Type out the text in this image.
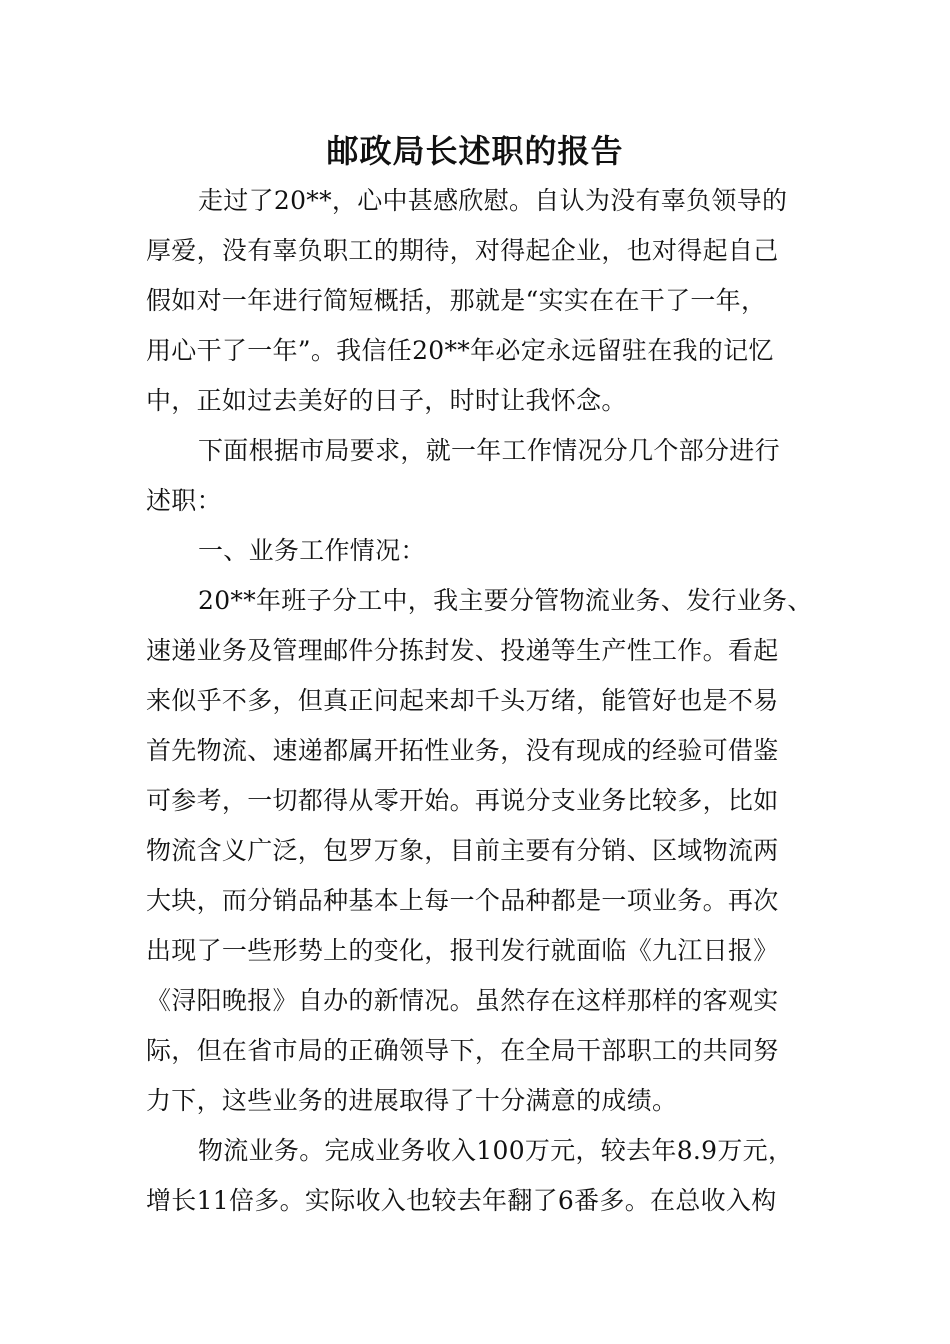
邮政局长述职的报告
走过了20**，心中甚感欣慰。自认为没有辜负领导的
厚爱，没有辜负职工的期待，对得起企业，也对得起自己
假如对一年进行简短概括，那就是“实实在在干了一年，
用心干了一年”。我信任20**年必定永远留驻在我的记忆
中，正如过去美好的日子，时时让我怀念。
下面根据市局要求，就一年工作情况分几个部分进行
述职：
一、业务工作情况：
20**年班子分工中，我主要分管物流业务、发行业务、
速递业务及管理邮件分拣封发、投递等生产性工作。看起
来似乎不多，但真正问起来却千头万绪，能管好也是不易
首先物流、速递都属开拓性业务，没有现成的经验可借鉴
可参考，一切都得从零开始。再说分支业务比较多，比如
物流含义广泛，包罗万象，目前主要有分销、区域物流两
大块，而分销品种基本上每一个品种都是一项业务。再次
出现了一些形势上的变化，报刊发行就面临《九江日报》
《浔阳晚报》自办的新情况。虽然存在这样那样的客观实
际，但在省市局的正确领导下，在全局干部职工的共同努
力下，这些业务的进展取得了十分满意的成绩。
物流业务。完成业务收入100万元，较去年8.9万元，
增长11倍多。实际收入也较去年翻了6番多。在总收入构
